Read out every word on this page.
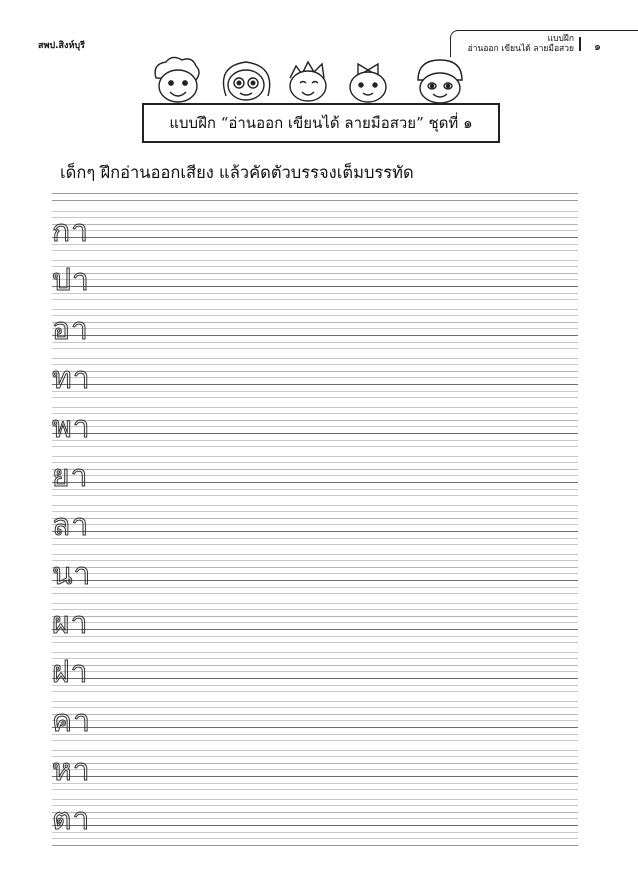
สพป.สิงห์บุรี
แบบฝึก
อ่านออก เขียนได้ ลายมือสวย ๑
แบบฝึก “อ่านออก เขียนได้ ลายมือสวย” ชุดที่ ๑
เด็กๆ ฝึกอ่านออกเสียง แล้วคัดตัวบรรจงเต็มบรรทัด
กา
ปา
อา
ทา
พา
ยา
ลา
นา
ผา
ฝา
คา
หา
ตา
